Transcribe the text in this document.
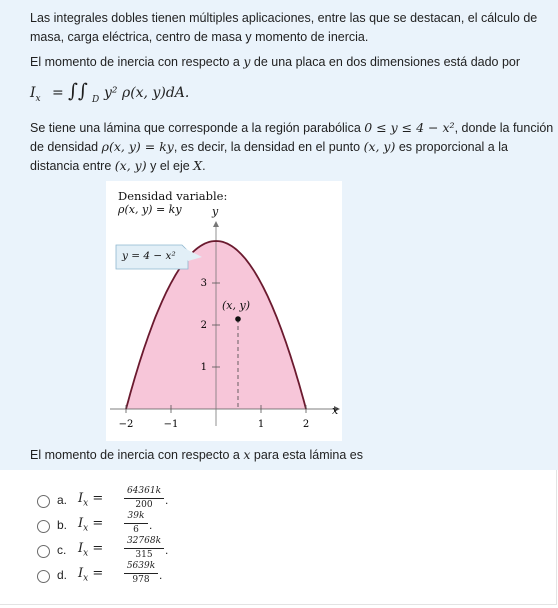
Las integrales dobles tienen múltiples aplicaciones, entre las que se destacan, el cálculo de
masa, carga eléctrica, centro de masa y momento de inercia.
El momento de inercia con respecto a y de una placa en dos dimensiones está dado por
$I_x$ = ∫∫ D y² ρ(x, y)dA.
Se tiene una lámina que corresponde a la región parabólica 0 ≤ y ≤ 4 − x², donde la función
de densidad ρ(x, y) = ky, es decir, la densidad en el punto (x, y) es proporcional a la
distancia entre (x, y) y el eje X.
−2	−1	1	2
1
2
3
Densidad variable:
ρ(x, y) = ky	y
x
y = 4 − x²
(x, y)
El momento de inercia con respecto a x para esta lámina es
a. $I_x$ =	64361k
200	.
b. $I_x$ =	39k
6 .
c. $I_x$ =	32768k
315	.
d. $I_x$ =	5639k
978 .
